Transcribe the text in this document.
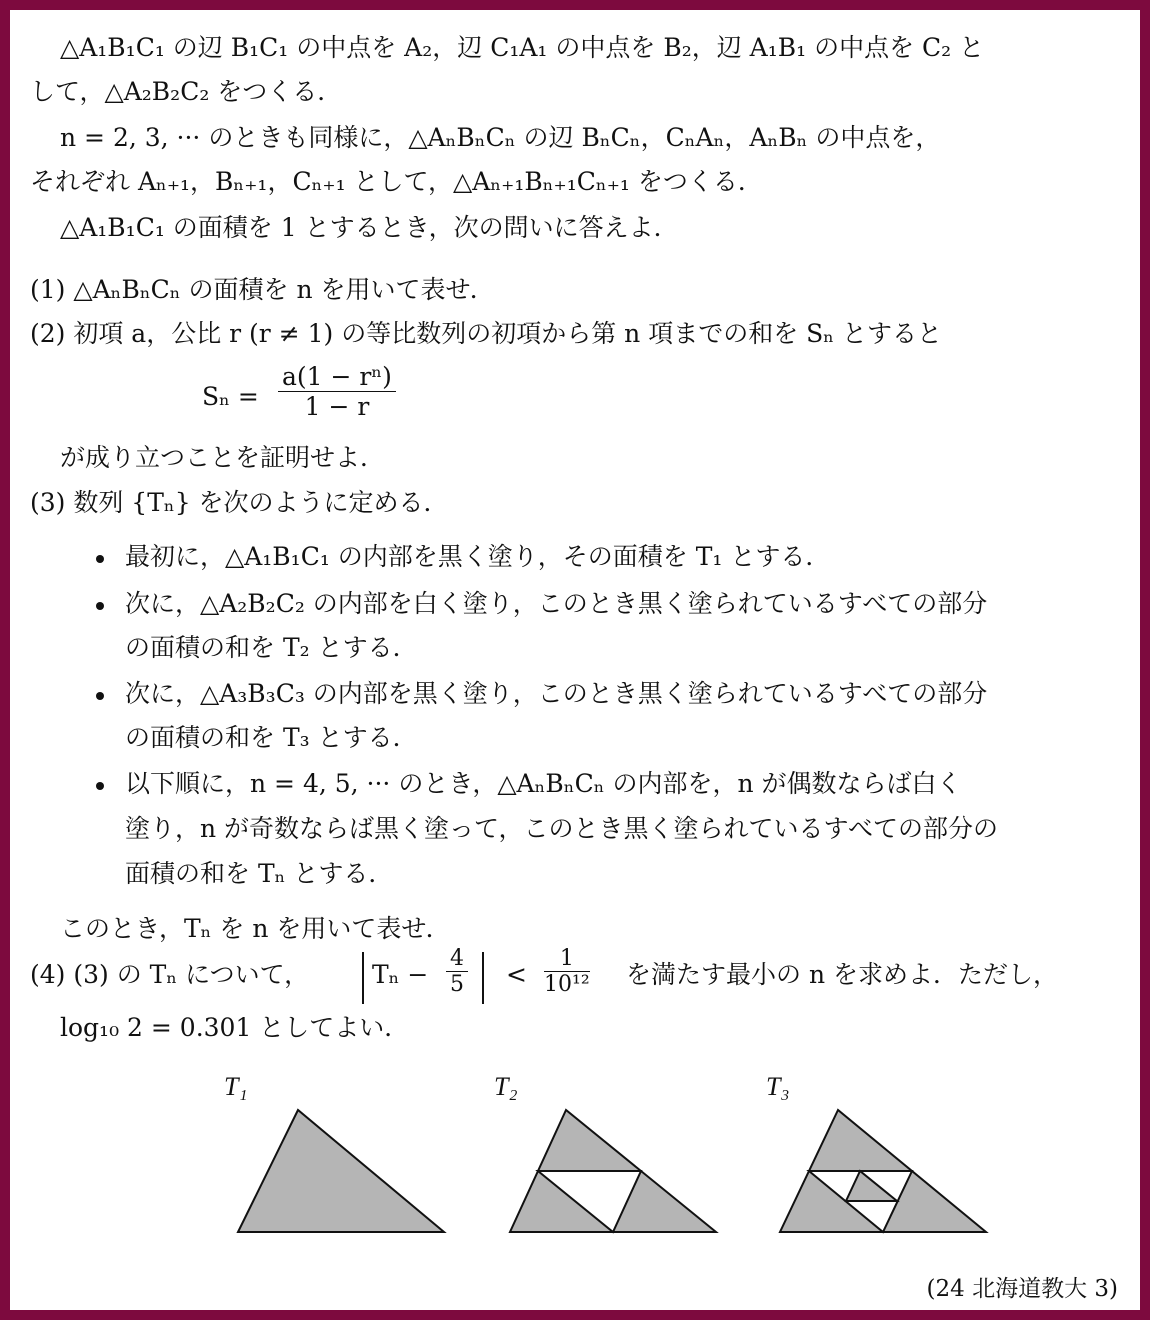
△A₁B₁C₁ の辺 B₁C₁ の中点を A₂，辺 C₁A₁ の中点を B₂，辺 A₁B₁ の中点を C₂ と
して，△A₂B₂C₂ をつくる．
n = 2, 3, ··· のときも同様に，△AₙBₙCₙ の辺 BₙCₙ，CₙAₙ，AₙBₙ の中点を，
それぞれ Aₙ₊₁，Bₙ₊₁，Cₙ₊₁ として，△Aₙ₊₁Bₙ₊₁Cₙ₊₁ をつくる．
△A₁B₁C₁ の面積を 1 とするとき，次の問いに答えよ．
(1) △AₙBₙCₙ の面積を n を用いて表せ．
(2) 初項 a，公比 r (r ≠ 1) の等比数列の初項から第 n 項までの和を Sₙ とすると
$S_n = \frac{\text{a(1 − rⁿ)}}{1 - r}$
が成り立つことを証明せよ．
(3) 数列 {Tₙ} を次のように定める．
最初に，△A₁B₁C₁ の内部を黒く塗り，その面積を T₁ とする．
次に，△A₂B₂C₂ の内部を白く塗り，このとき黒く塗られているすべての部分
の面積の和を T₂ とする．
次に，△A₃B₃C₃ の内部を黒く塗り，このとき黒く塗られているすべての部分
の面積の和を T₃ とする．
以下順に，n = 4, 5, ··· のとき，△AₙBₙCₙ の内部を，n が偶数ならば白く
塗り，n が奇数ならば黒く塗って，このとき黒く塗られているすべての部分の
面積の和を Tₙ とする．
このとき，Tₙ を n を用いて表せ．
(4) (3) の Tₙ について，	$T_n - \frac{4}{5} < \frac{1}{\text{10¹²}}$ を満たす最小の n を求めよ．ただし，
log₁₀ 2 = 0.301 としてよい．
T₁	T₂	T₃
(24 北海道教大 3)
